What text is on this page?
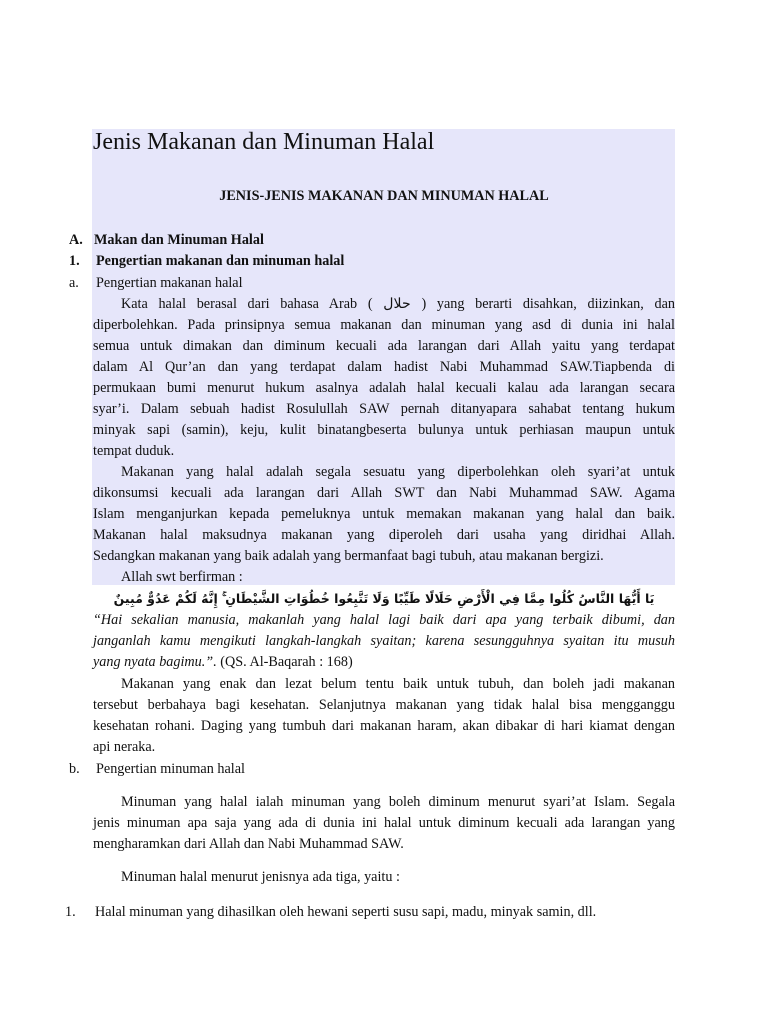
Jenis Makanan dan Minuman Halal
JENIS-JENIS MAKANAN DAN MINUMAN HALAL
A. Makan dan Minuman Halal
1. Pengertian makanan dan minuman halal
a. Pengertian makanan halal
Kata halal berasal dari bahasa Arab ( حلال ) yang berarti disahkan, diizinkan, dan
diperbolehkan. Pada prinsipnya semua makanan dan minuman yang asd di dunia ini halal
semua untuk dimakan dan diminum kecuali ada larangan dari Allah yaitu yang terdapat
dalam Al Qur’an dan yang terdapat dalam hadist Nabi Muhammad SAW.Tiapbenda di
permukaan bumi menurut hukum asalnya adalah halal kecuali kalau ada larangan secara
syar’i. Dalam sebuah hadist Rosulullah SAW pernah ditanyapara sahabat tentang hukum
minyak sapi (samin), keju, kulit binatangbeserta bulunya untuk perhiasan maupun untuk
tempat duduk.
Makanan yang halal adalah segala sesuatu yang diperbolehkan oleh syari’at untuk
dikonsumsi kecuali ada larangan dari Allah SWT dan Nabi Muhammad SAW. Agama
Islam menganjurkan kepada pemeluknya untuk memakan makanan yang halal dan baik.
Makanan halal maksudnya makanan yang diperoleh dari usaha yang diridhai Allah.
Sedangkan makanan yang baik adalah yang bermanfaat bagi tubuh, atau makanan bergizi.
Allah swt berfirman :
يَا أَيُّهَا النَّاسُ كُلُوا مِمَّا فِي الْأَرْضِ حَلَالًا طَيِّبًا وَلَا تَتَّبِعُوا خُطُوَاتِ الشَّيْطَانِ ۚ إِنَّهُ لَكُمْ عَدُوٌّ مُبِينٌ
“Hai sekalian manusia, makanlah yang halal lagi baik dari apa yang terbaik dibumi, dan
janganlah kamu mengikuti langkah-langkah syaitan; karena sesungguhnya syaitan itu musuh
yang nyata bagimu.”. (QS. Al-Baqarah : 168)
Makanan yang enak dan lezat belum tentu baik untuk tubuh, dan boleh jadi makanan
tersebut berbahaya bagi kesehatan. Selanjutnya makanan yang tidak halal bisa mengganggu
kesehatan rohani. Daging yang tumbuh dari makanan haram, akan dibakar di hari kiamat dengan
api neraka.
b. Pengertian minuman halal
Minuman yang halal ialah minuman yang boleh diminum menurut syari’at Islam. Segala
jenis minuman apa saja yang ada di dunia ini halal untuk diminum kecuali ada larangan yang
mengharamkan dari Allah dan Nabi Muhammad SAW.
Minuman halal menurut jenisnya ada tiga, yaitu :
1. Halal minuman yang dihasilkan oleh hewani seperti susu sapi, madu, minyak samin, dll.
